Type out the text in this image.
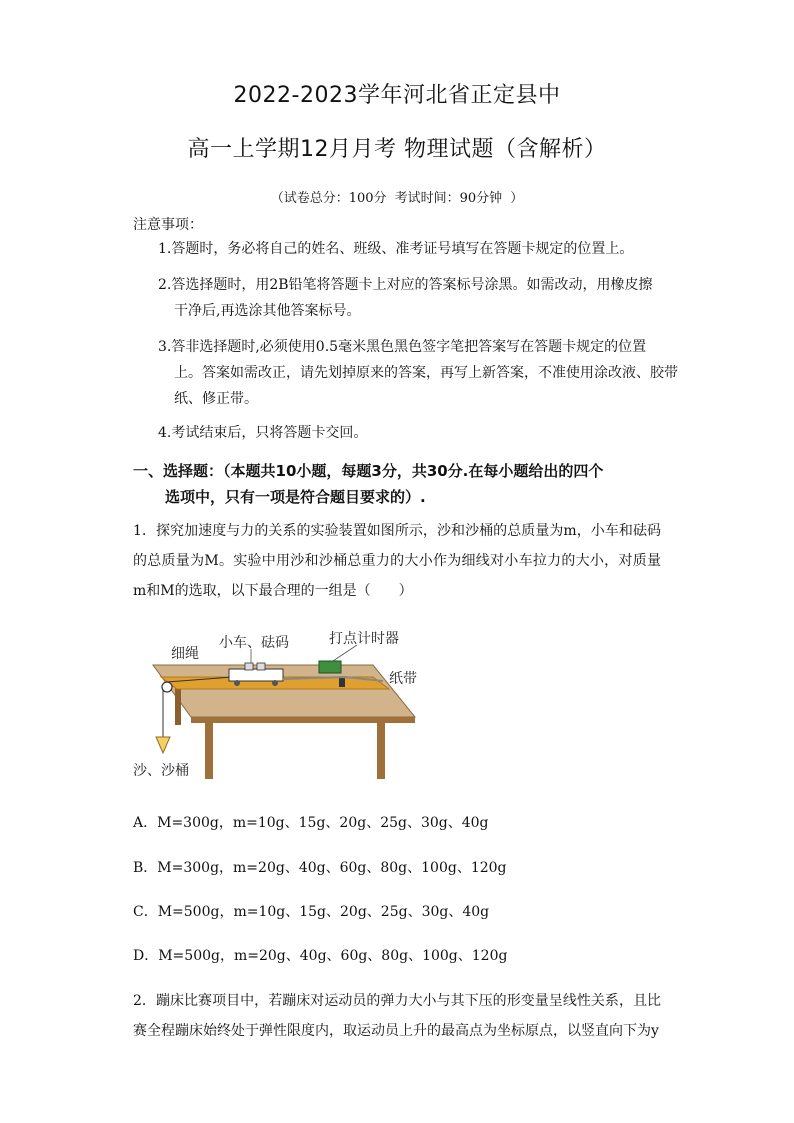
2022-2023学年河北省正定县中
高一上学期12月月考 物理试题（含解析）
（试卷总分：100分 考试时间：90分钟 ）
注意事项：
1.答题时，务必将自己的姓名、班级、准考证号填写在答题卡规定的位置上。
2.答选择题时，用2B铅笔将答题卡上对应的答案标号涂黑。如需改动，用橡皮擦
干净后,再选涂其他答案标号。
3.答非选择题时,必须使用0.5毫米黑色黑色签字笔把答案写在答题卡规定的位置
上。答案如需改正，请先划掉原来的答案，再写上新答案，不准使用涂改液、胶带纸、修正带。
4.考试结束后，只将答题卡交回。
一、选择题：（本题共10小题，每题3分，共30分.在每小题给出的四个
选项中，只有一项是符合题目要求的）.
1．探究加速度与力的关系的实验装置如图所示，沙和沙桶的总质量为m，小车和砝码的总质量为M。实验中用沙和沙桶总重力的大小作为细线对小车拉力的大小，对质量m和M的选取，以下最合理的一组是（　　）
细绳
小车、砝码	打点计时器
纸带
沙、沙桶
A．M=300g，m=10g、15g、20g、25g、30g、40g
B．M=300g，m=20g、40g、60g、80g、100g、120g
C．M=500g，m=10g、15g、20g、25g、30g、40g
D．M=500g，m=20g、40g、60g、80g、100g、120g
2．蹦床比赛项目中，若蹦床对运动员的弹力大小与其下压的形变量呈线性关系，且比赛全程蹦床始终处于弹性限度内，取运动员上升的最高点为坐标原点，以竖直向下为y
